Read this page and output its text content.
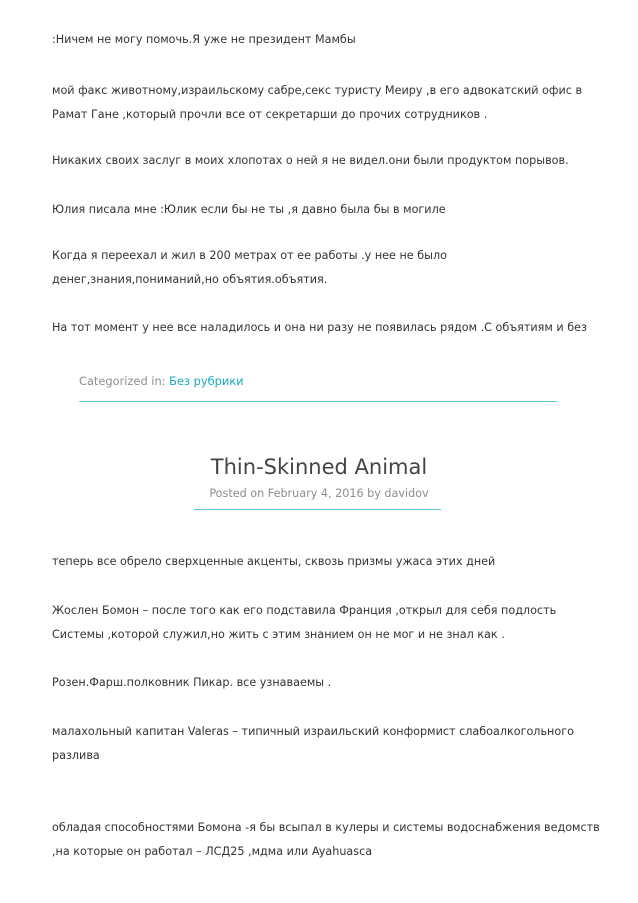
:Ничем не могу помочь.Я уже не президент Мамбы

мой факс животному,израильскому сабре,секс туристу Меиру ,в его адвокатский офис в
Рамат Гане ,который прочли все от секретарши до прочих сотрудников .

Никаких своих заслуг в моих хлопотах о ней я не видел.они были продуктом порывов.

Юлия писала мне :Юлик если бы не ты ,я давно была бы в могиле

Когда я переехал и жил в 200 метрах от ее работы .у нее не было
денег,знания,пониманий,но объятия.объятия.

На тот момент у нее все наладилось и она ни разу не появилась рядом .С объятиям и без

Categorized in: Без рубрики
Thin-Skinned Animal
Posted on February 4, 2016 by davidov

теперь все обрело сверхценные акценты, сквозь призмы ужаса этих дней

Жослен Бомон – после того как его подставила Франция ,открыл для себя подлость
Системы ,которой служил,но жить с этим знанием он не мог и не знал как .

Розен.Фарш.полковник Пикар. все узнаваемы .

малахольный капитан Valeras – типичный израильский конформист слабоалкогольного
разлива

обладая способностями Бомона -я бы всыпал в кулеры и системы водоснабжения ведомств
,на которые он работал – ЛСД25 ,мдма или Ayahuasca
